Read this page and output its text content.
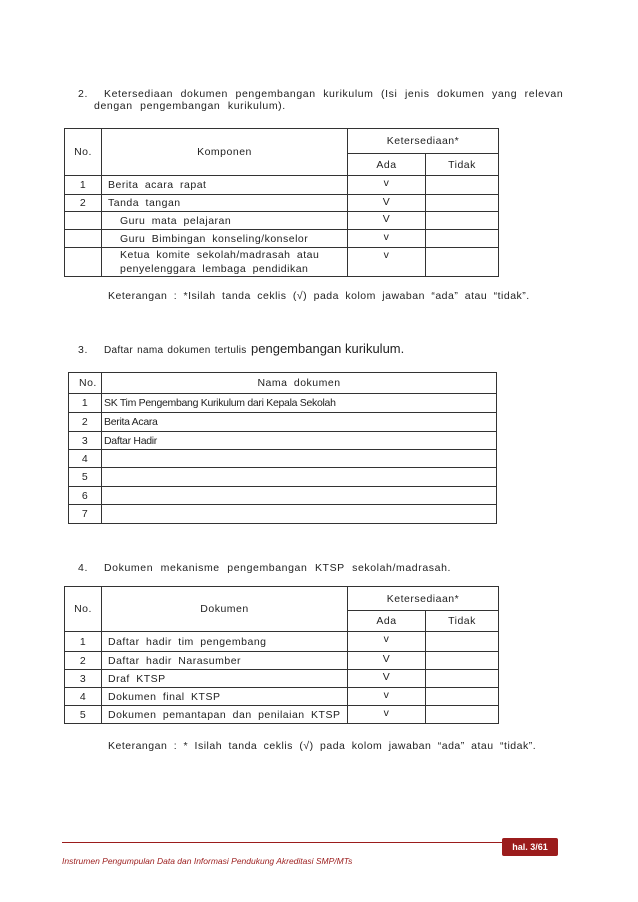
2. Ketersediaan dokumen pengembangan kurikulum (Isi jenis dokumen yang relevan
dengan pengembangan kurikulum).
No.	Komponen	Ketersediaan*	
		Ada	Tidak
1	Berita acara rapat	v	
2	Tanda tangan	V	
	Guru mata pelajaran	V	
	Guru Bimbingan konseling/konselor	v	

	Ketua komite sekolah/madrasah atau
penyelenggara lembaga pendidikan	v	
Keterangan : *Isilah tanda ceklis (√) pada kolom jawaban “ada” atau “tidak”.
3. Daftar nama dokumen tertulis pengembangan kurikulum.
No.	Nama dokumen
1	SK Tim Pengembang Kurikulum dari Kepala Sekolah
2	Berita Acara
3	Daftar Hadir
4	
5	
6	
7	
4. Dokumen mekanisme pengembangan KTSP sekolah/madrasah.
No.	Dokumen	Ketersediaan*	
		Ada	Tidak
1	Daftar hadir tim pengembang	v	
2	Daftar hadir Narasumber	V	
3	Draf KTSP	V	
4	Dokumen final KTSP	v	
5	Dokumen pemantapan dan penilaian KTSP	v	
Keterangan : * Isilah tanda ceklis (√) pada kolom jawaban “ada” atau “tidak”.
hal. 3/61
Instrumen Pengumpulan Data dan Informasi Pendukung Akreditasi SMP/MTs
